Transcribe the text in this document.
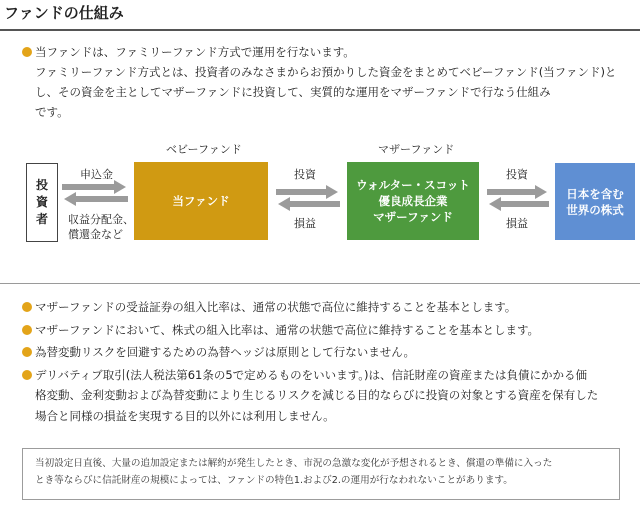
ファンドの仕組み
当ファンドは、ファミリーファンド方式で運用を行ないます。
ファミリーファンド方式とは、投資者のみなさまからお預かりした資金をまとめてベビーファンド(当ファンド)と
し、その資金を主としてマザーファンドに投資して、実質的な運用をマザーファンドで行なう仕組み
です。
ベビーファンド	マザーファンド
投
資
者
申込金
収益分配金、
償還金など
当ファンド
投資
損益
ウォルター・スコット
優良成長企業
マザーファンド
投資
損益
日本を含む
世界の株式
マザーファンドの受益証券の組入比率は、通常の状態で高位に維持することを基本とします。
マザーファンドにおいて、株式の組入比率は、通常の状態で高位に維持することを基本とします。
為替変動リスクを回避するための為替ヘッジは原則として行ないません。
デリバティブ取引(法人税法第61条の5で定めるものをいいます。)は、信託財産の資産または負債にかかる価
格変動、金利変動および為替変動により生じるリスクを減じる目的ならびに投資の対象とする資産を保有した
場合と同様の損益を実現する目的以外には利用しません。
当初設定日直後、大量の追加設定または解約が発生したとき、市況の急激な変化が予想されるとき、償還の準備に入った
とき等ならびに信託財産の規模によっては、ファンドの特色1.および2.の運用が行なわれないことがあります。
